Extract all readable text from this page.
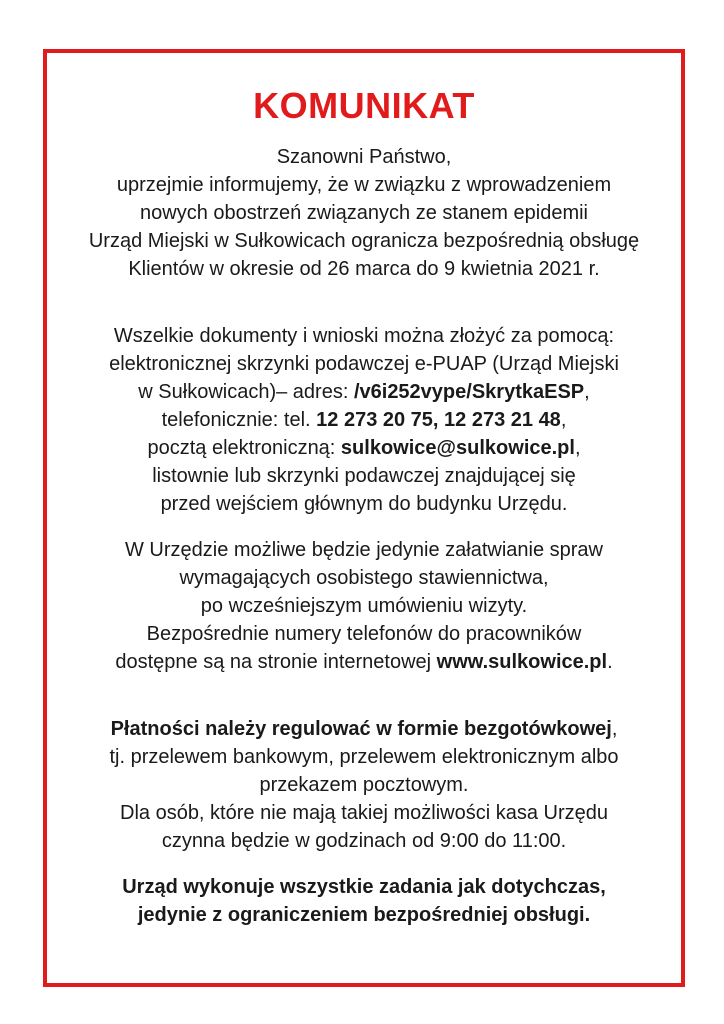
KOMUNIKAT
Szanowni Państwo,
uprzejmie informujemy, że w związku z wprowadzeniem
nowych obostrzeń związanych ze stanem epidemii
Urząd Miejski w Sułkowicach ogranicza bezpośrednią obsługę
Klientów w okresie od 26 marca do 9 kwietnia 2021 r.
Wszelkie dokumenty i wnioski można złożyć za pomocą:
elektronicznej skrzynki podawczej e-PUAP (Urząd Miejski
w Sułkowicach)– adres: /v6i252vype/SkrytkaESP,
telefonicznie: tel. 12 273 20 75, 12 273 21 48,
pocztą elektroniczną: sulkowice@sulkowice.pl,
listownie lub skrzynki podawczej znajdującej się
przed wejściem głównym do budynku Urzędu.
W Urzędzie możliwe będzie jedynie załatwianie spraw
wymagających osobistego stawiennictwa,
po wcześniejszym umówieniu wizyty.
Bezpośrednie numery telefonów do pracowników
dostępne są na stronie internetowej www.sulkowice.pl.
Płatności należy regulować w formie bezgotówkowej,
tj. przelewem bankowym, przelewem elektronicznym albo
przekazem pocztowym.
Dla osób, które nie mają takiej możliwości kasa Urzędu
czynna będzie w godzinach od 9:00 do 11:00.
Urząd wykonuje wszystkie zadania jak dotychczas,
jedynie z ograniczeniem bezpośredniej obsługi.
